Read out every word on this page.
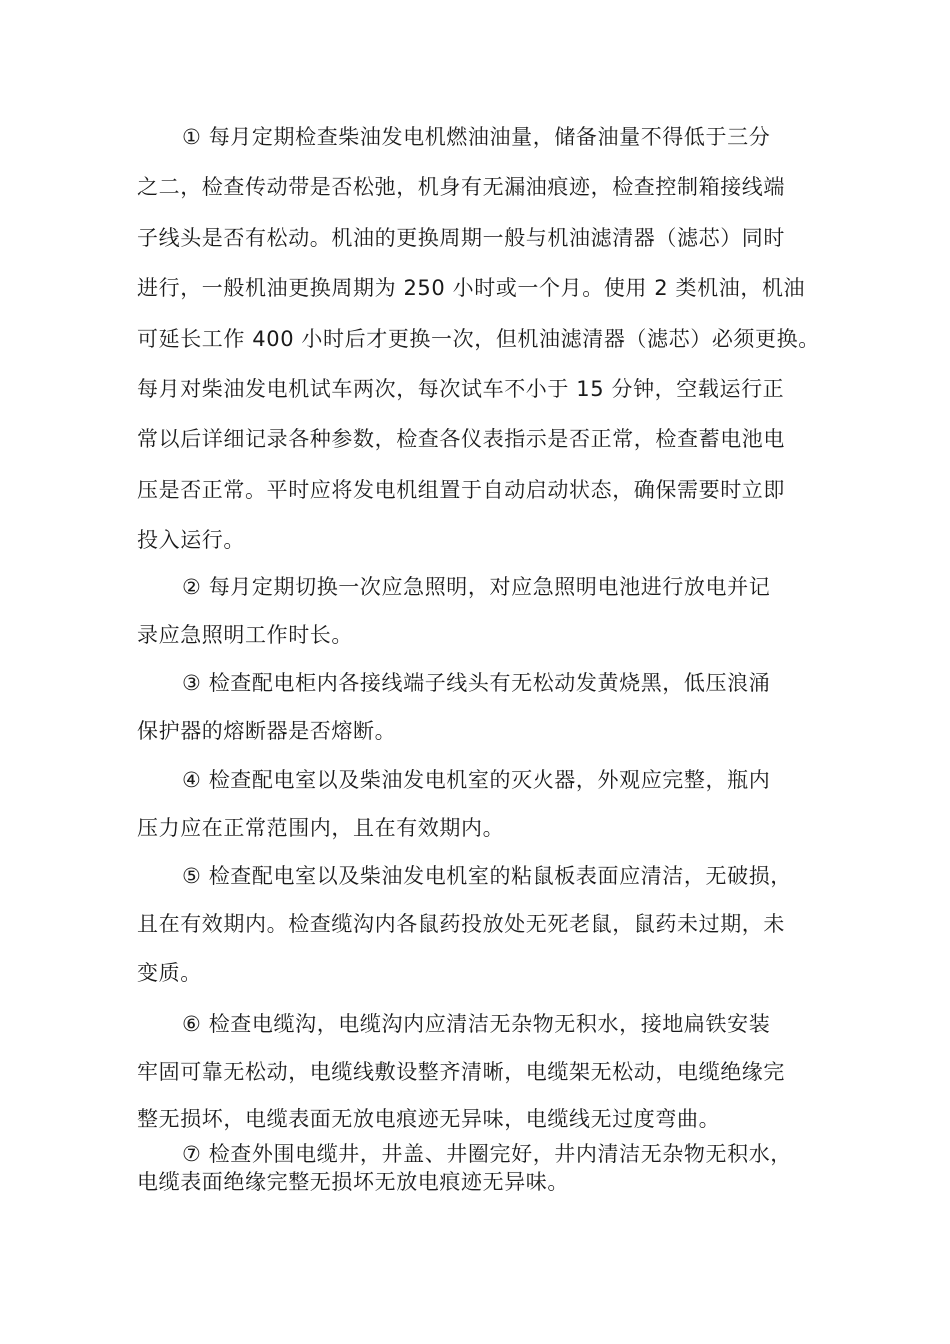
① 每月定期检查柴油发电机燃油油量，储备油量不得低于三分
之二，检查传动带是否松弛，机身有无漏油痕迹，检查控制箱接线端
子线头是否有松动。机油的更换周期一般与机油滤清器（滤芯）同时
进行，一般机油更换周期为 250 小时或一个月。使用 2 类机油，机油
可延长工作 400 小时后才更换一次，但机油滤清器（滤芯）必须更换。
每月对柴油发电机试车两次，每次试车不小于 15 分钟，空载运行正
常以后详细记录各种参数，检查各仪表指示是否正常，检查蓄电池电
压是否正常。平时应将发电机组置于自动启动状态，确保需要时立即
投入运行。
② 每月定期切换一次应急照明，对应急照明电池进行放电并记
录应急照明工作时长。
③ 检查配电柜内各接线端子线头有无松动发黄烧黑，低压浪涌
保护器的熔断器是否熔断。
④ 检查配电室以及柴油发电机室的灭火器，外观应完整，瓶内
压力应在正常范围内，且在有效期内。
⑤ 检查配电室以及柴油发电机室的粘鼠板表面应清洁，无破损，
且在有效期内。检查缆沟内各鼠药投放处无死老鼠，鼠药未过期，未
变质。
⑥ 检查电缆沟，电缆沟内应清洁无杂物无积水，接地扁铁安装
牢固可靠无松动，电缆线敷设整齐清晰，电缆架无松动，电缆绝缘完
整无损坏，电缆表面无放电痕迹无异味，电缆线无过度弯曲。
⑦ 检查外围电缆井，井盖、井圈完好，井内清洁无杂物无积水，
电缆表面绝缘完整无损坏无放电痕迹无异味。
